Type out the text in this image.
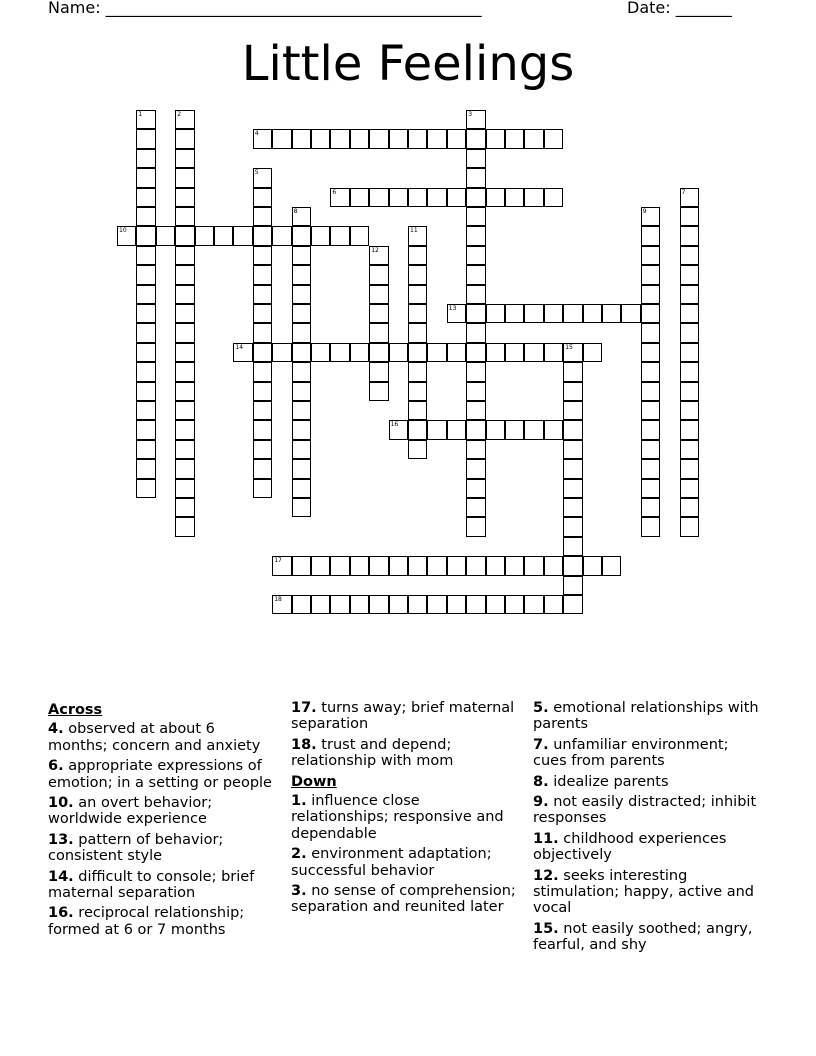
Name: _______________________________________________	Date: _______
Little Feelings
1	2	3
4
5
6	7
8	9
10	11
12
13
14	15
16
17
18
Across
4. observed at about 6 months; concern and anxiety
6. appropriate expressions of emotion; in a setting or people
10. an overt behavior; worldwide experience
13. pattern of behavior; consistent style
14. difficult to console; brief maternal separation
16. reciprocal relationship; formed at 6 or 7 months
17. turns away; brief maternal separation
18. trust and depend; relationship with mom
Down
1. influence close relationships; responsive and dependable
2. environment adaptation; successful behavior
3. no sense of comprehension; separation and reunited later
5. emotional relationships with parents
7. unfamiliar environment; cues from parents
8. idealize parents
9. not easily distracted; inhibit responses
11. childhood experiences objectively
12. seeks interesting stimulation; happy, active and vocal
15. not easily soothed; angry, fearful, and shy
